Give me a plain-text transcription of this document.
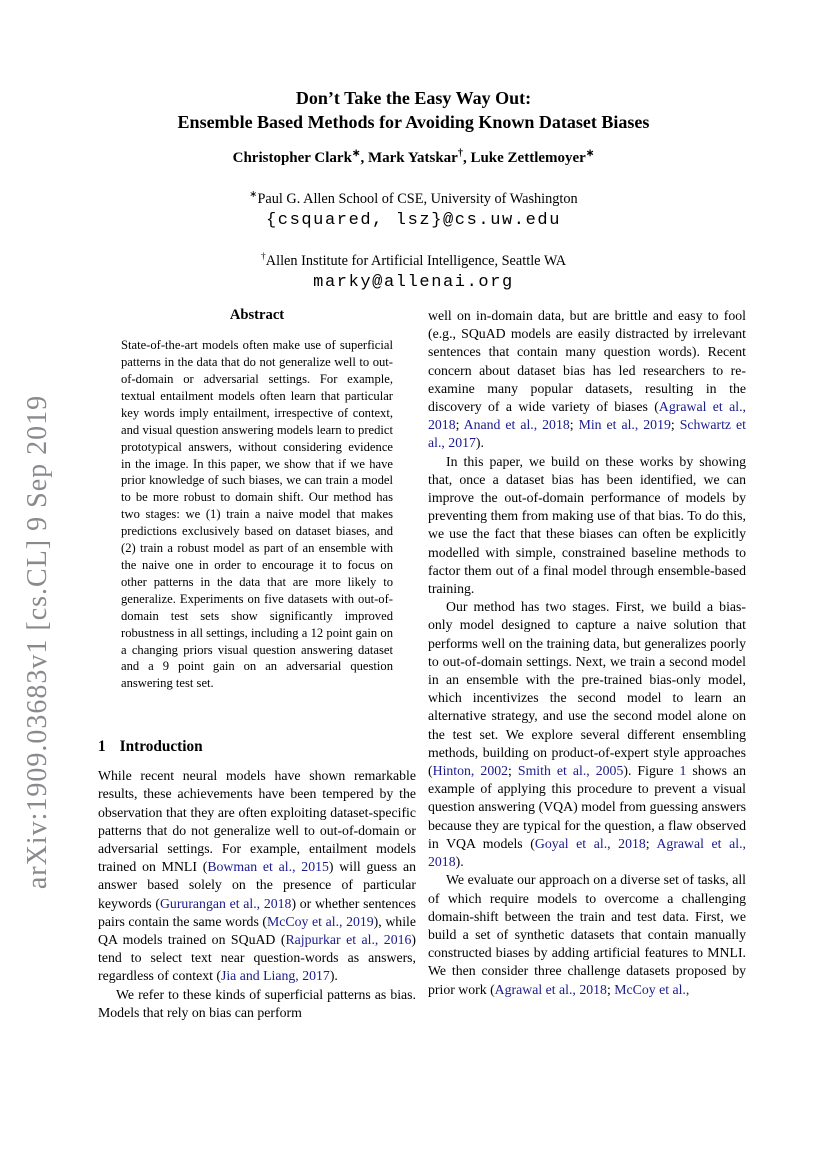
arXiv:1909.03683v1 [cs.CL] 9 Sep 2019
Don’t Take the Easy Way Out:
Ensemble Based Methods for Avoiding Known Dataset Biases
Christopher Clark∗, Mark Yatskar†, Luke Zettlemoyer∗
∗Paul G. Allen School of CSE, University of Washington
{csquared, lsz}@cs.uw.edu
†Allen Institute for Artificial Intelligence, Seattle WA
marky@allenai.org
Abstract

State-of-the-art models often make use of superficial patterns in the data that do not generalize well to out-of-domain or adversarial settings. For example, textual entailment models often learn that particular key words imply entailment, irrespective of context, and visual question answering models learn to predict prototypical answers, without considering evidence in the image. In this paper, we show that if we have prior knowledge of such biases, we can train a model to be more robust to domain shift. Our method has two stages: we (1) train a naive model that makes predictions exclusively based on dataset biases, and (2) train a robust model as part of an ensemble with the naive one in order to encourage it to focus on other patterns in the data that are more likely to generalize. Experiments on five datasets with out-of-domain test sets show significantly improved robustness in all settings, including a 12 point gain on a changing priors visual question answering dataset and a 9 point gain on an adversarial question answering test set.

1 Introduction

While recent neural models have shown remarkable results, these achievements have been tempered by the observation that they are often exploiting dataset-specific patterns that do not generalize well to out-of-domain or adversarial settings. For example, entailment models trained on MNLI (Bowman et al., 2015) will guess an answer based solely on the presence of particular keywords (Gururangan et al., 2018) or whether sentences pairs contain the same words (McCoy et al., 2019), while QA models trained on SQuAD (Rajpurkar et al., 2016) tend to select text near question-words as answers, regardless of context (Jia and Liang, 2017).

We refer to these kinds of superficial patterns as bias. Models that rely on bias can perform

well on in-domain data, but are brittle and easy to fool (e.g., SQuAD models are easily distracted by irrelevant sentences that contain many question words). Recent concern about dataset bias has led researchers to re-examine many popular datasets, resulting in the discovery of a wide variety of biases (Agrawal et al., 2018; Anand et al., 2018; Min et al., 2019; Schwartz et al., 2017).

In this paper, we build on these works by showing that, once a dataset bias has been identified, we can improve the out-of-domain performance of models by preventing them from making use of that bias. To do this, we use the fact that these biases can often be explicitly modelled with simple, constrained baseline methods to factor them out of a final model through ensemble-based training.

Our method has two stages. First, we build a bias-only model designed to capture a naive solution that performs well on the training data, but generalizes poorly to out-of-domain settings. Next, we train a second model in an ensemble with the pre-trained bias-only model, which incentivizes the second model to learn an alternative strategy, and use the second model alone on the test set. We explore several different ensembling methods, building on product-of-expert style approaches (Hinton, 2002; Smith et al., 2005). Figure 1 shows an example of applying this procedure to prevent a visual question answering (VQA) model from guessing answers because they are typical for the question, a flaw observed in VQA models (Goyal et al., 2018; Agrawal et al., 2018).

We evaluate our approach on a diverse set of tasks, all of which require models to overcome a challenging domain-shift between the train and test data. First, we build a set of synthetic datasets that contain manually constructed biases by adding artificial features to MNLI. We then consider three challenge datasets proposed by prior work (Agrawal et al., 2018; McCoy et al.,
